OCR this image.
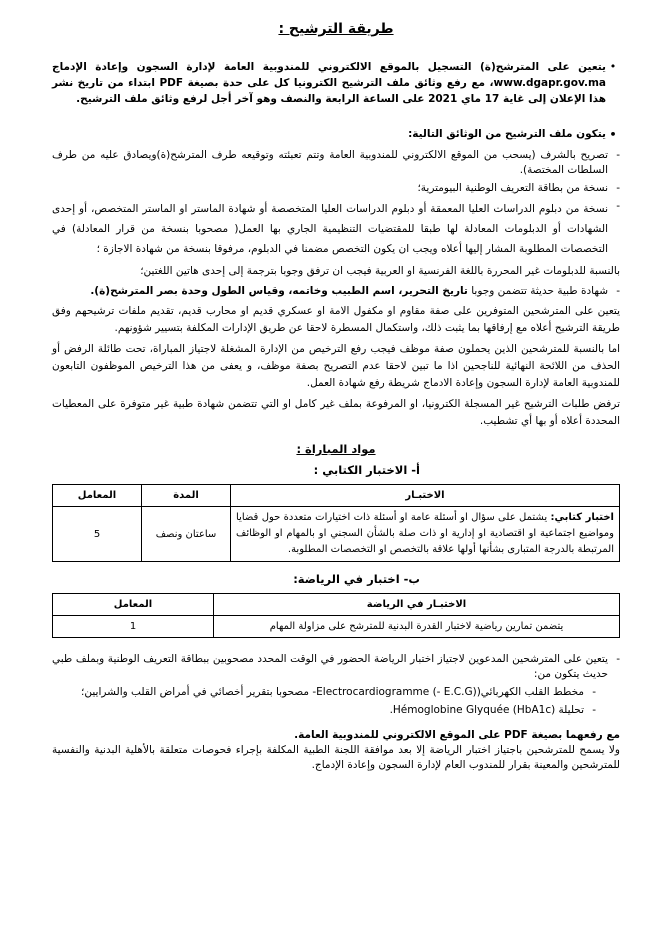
طريقة الترشيح :
•

يتعين على المترشح(ة) التسجيل بالموقع الالكتروني للمندوبية العامة لإدارة السجون وإعادة الإدماج www.dgapr.gov.ma، مع رفع وثائق ملف الترشيح الكترونيا كل على حدة بصيغة PDF ابتداء من تاريخ نشر هذا الإعلان إلى غاية 17 ماي 2021 على الساعة الرابعة والنصف وهو آخر أجل لرفع وثائق ملف الترشيح.

•
يتكون ملف الترشيح من الوثائق التالية:
-
تصريح بالشرف (يسحب من الموقع الالكتروني للمندوبية العامة وتتم تعبئته وتوقيعه طرف المترشح(ة)ويصادق عليه من طرف السلطات المختصة).
-
نسخة من بطاقة التعريف الوطنية البيومترية؛
-
نسخة من دبلوم الدراسات العليا المعمقة أو دبلوم الدراسات العليا المتخصصة أو شهادة الماستر او الماستر المتخصص، أو إحدى الشهادات أو الدبلومات المعادلة لها طبقا للمقتضيات التنظيمية الجاري بها العمل( مصحوبا بنسخة من قرار المعادلة) في التخصصات المطلوبة المشار إليها أعلاه ويجب ان يكون التخصص مضمنا في الدبلوم، مرفوقا بنسخة من شهادة الاجازة ؛

بالنسبة للدبلومات غير المحررة باللغة الفرنسية او العربية فيجب ان ترفق وجوبا بترجمة إلى إحدى هاتين اللغتين؛

-
شهادة طبية حديثة تتضمن وجوبا تاريخ التحرير، اسم الطبيب وخاتمه، وقياس الطول وحدة بصر المترشح(ة).

يتعين على المترشحين المتوفرين على صفة مقاوم او مكفول الامة او عسكري قديم او محارب قديم، تقديم ملفات ترشيحهم وفق طريقة الترشيح أعلاه مع إرفاقها بما يثبت ذلك، واستكمال المسطرة لاحقا عن طريق الإدارات المكلفة بتسيير شؤونهم.

اما بالنسبة للمترشحين الذين يحملون صفة موظف فيجب رفع الترخيص من الإدارة المشغلة لاجتياز المباراة، تحت طائلة الرفض أو الحذف من اللائحة النهائية للناجحين اذا ما تبين لاحقا عدم التصريح بصفة موظف، و يعفى من هذا الترخيص الموظفون التابعون للمندوبية العامة لإدارة السجون وإعادة الادماج شريطة رفع شهادة العمل.

ترفض طلبات الترشيح غير المسجلة الكترونيا، او المرفوعة بملف غير كامل او التي تتضمن شهادة طبية غير متوفرة على المعطيات المحددة أعلاه أو بها أي تشطيب.

مواد المباراة :
أ- الاختبار الكتابي :
الاختبـار	المدة	المعامل
اختبار كتابي: يشتمل على سؤال او أسئلة عامة او أسئلة ذات اختيارات متعددة حول قضايا ومواضيع اجتماعية او اقتصادية او إدارية او ذات صلة بالشأن السجني او بالمهام او الوظائف المرتبطة بالدرجة المتبارى بشأنها أولها علاقة بالتخصص او التخصصات المطلوبة.	ساعتان ونصف	5
ب- اختبار في الرياضة:
الاختبـار في الرياضة	المعامل
يتضمن تمارين رياضية لاختبار القدرة البدنية للمترشح على مزاولة المهام	1
-
يتعين على المترشحين المدعوين لاجتياز اختبار الرياضة الحضور في الوقت المحدد مصحوبين ببطاقة التعريف الوطنية وبملف طبي حديث يتكون من:
-
مخطط القلب الكهربائي(Electrocardiogramme (- E.C.G)- مصحوبا بتقرير أخصائي في أمراض القلب والشرايين؛
-
تحليلة Hémoglobine Glyquée (HbA1c).

مع رفعهما بصيغة PDF على الموقع الالكتروني للمندوبية العامة.

ولا يسمح للمترشحين باجتياز اختبار الرياضة إلا بعد موافقة اللجنة الطبية المكلفة بإجراء فحوصات متعلقة بالأهلية البدنية والنفسية للمترشحين والمعينة بقرار للمندوب العام لإدارة السجون وإعادة الإدماج.
